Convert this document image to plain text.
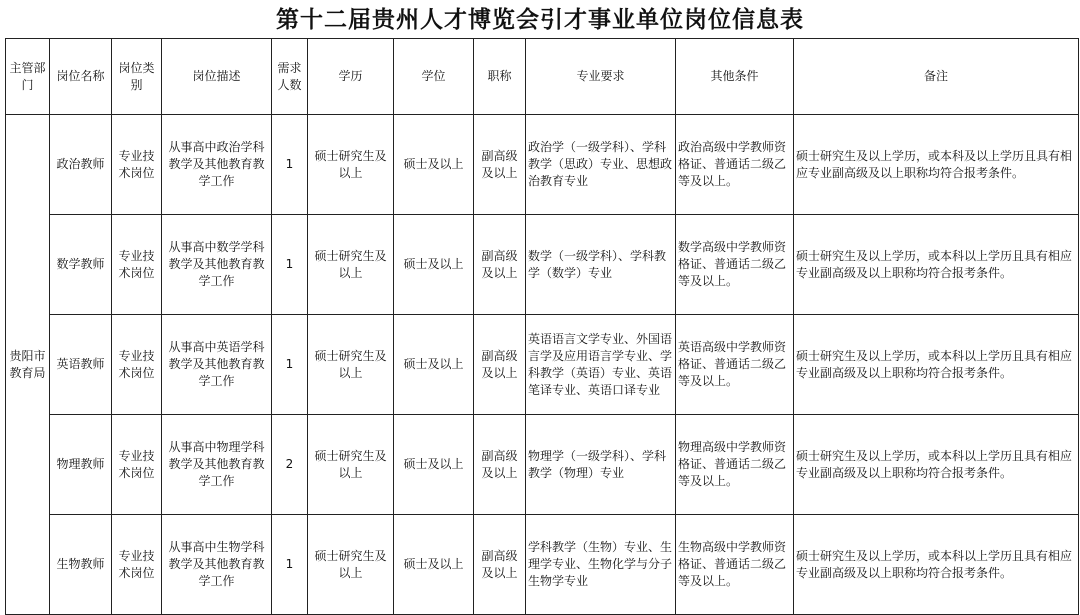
第十二届贵州人才博览会引才事业单位岗位信息表
主管部门	岗位名称	岗位类别	岗位描述	需求人数	学历	学位	职称	专业要求	其他条件	备注
贵阳市教育局	政治教师	专业技术岗位	从事高中政治学科教学及其他教育教学工作	1	硕士研究生及以上	硕士及以上	副高级及以上	政治学（一级学科）、学科教学（思政）专业、思想政治教育专业	政治高级中学教师资格证、普通话二级乙等及以上。	硕士研究生及以上学历，或本科及以上学历且具有相应专业副高级及以上职称均符合报考条件。
	数学教师	专业技术岗位	从事高中数学学科教学及其他教育教学工作	1	硕士研究生及以上	硕士及以上	副高级及以上	数学（一级学科）、学科教学（数学）专业	数学高级中学教师资格证、普通话二级乙等及以上。	硕士研究生及以上学历，或本科以上学历且具有相应专业副高级及以上职称均符合报考条件。
	英语教师	专业技术岗位	从事高中英语学科教学及其他教育教学工作	1	硕士研究生及以上	硕士及以上	副高级及以上	英语语言文学专业、外国语言学及应用语言学专业、学科教学（英语）专业、英语笔译专业、英语口译专业	英语高级中学教师资格证、普通话二级乙等及以上。	硕士研究生及以上学历，或本科以上学历且具有相应专业副高级及以上职称均符合报考条件。
	物理教师	专业技术岗位	从事高中物理学科教学及其他教育教学工作	2	硕士研究生及以上	硕士及以上	副高级及以上	物理学（一级学科）、学科教学（物理）专业	物理高级中学教师资格证、普通话二级乙等及以上。	硕士研究生及以上学历，或本科以上学历且具有相应专业副高级及以上职称均符合报考条件。
	生物教师	专业技术岗位	从事高中生物学科教学及其他教育教学工作	1	硕士研究生及以上	硕士及以上	副高级及以上	学科教学（生物）专业、生理学专业、生物化学与分子生物学专业	生物高级中学教师资格证、普通话二级乙等及以上。	硕士研究生及以上学历，或本科以上学历且具有相应专业副高级及以上职称均符合报考条件。
